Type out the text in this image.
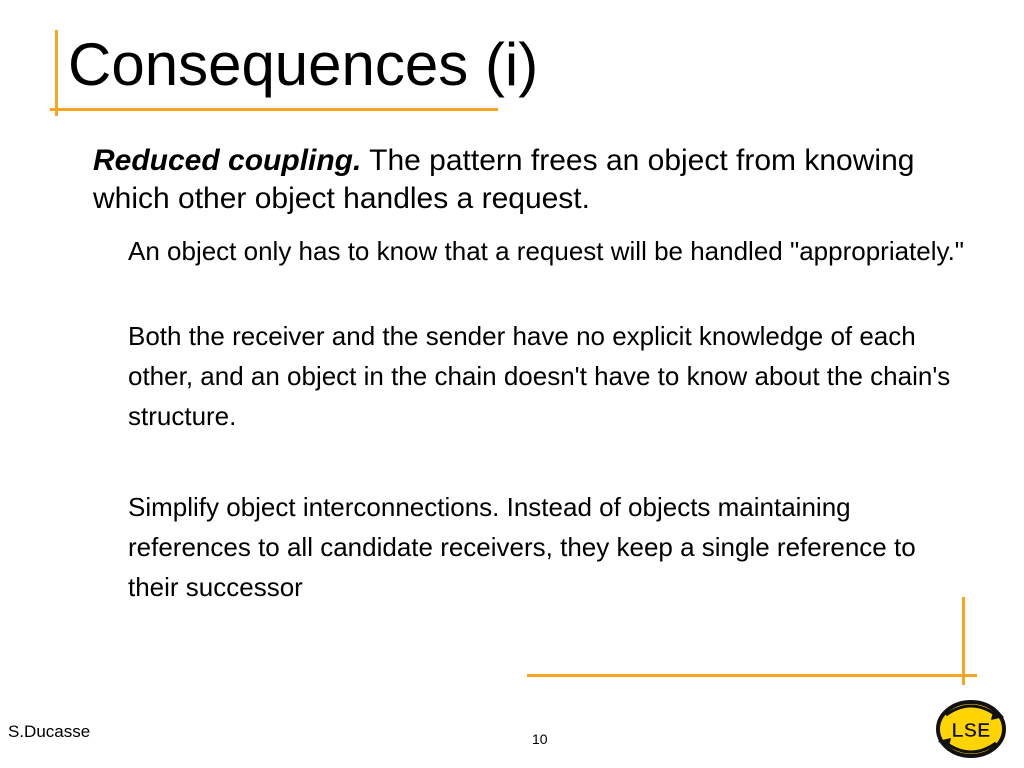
Consequences (i)

Reduced coupling. The pattern frees an object from knowing which other object handles a request.

An object only has to know that a request will be handled "appropriately."

Both the receiver and the sender have no explicit knowledge of each other, and an object in the chain doesn't have to know about the chain's structure.

Simplify object interconnections. Instead of objects maintaining references to all candidate receivers, they keep a single reference to their successor

S.Ducasse	10	LSE
